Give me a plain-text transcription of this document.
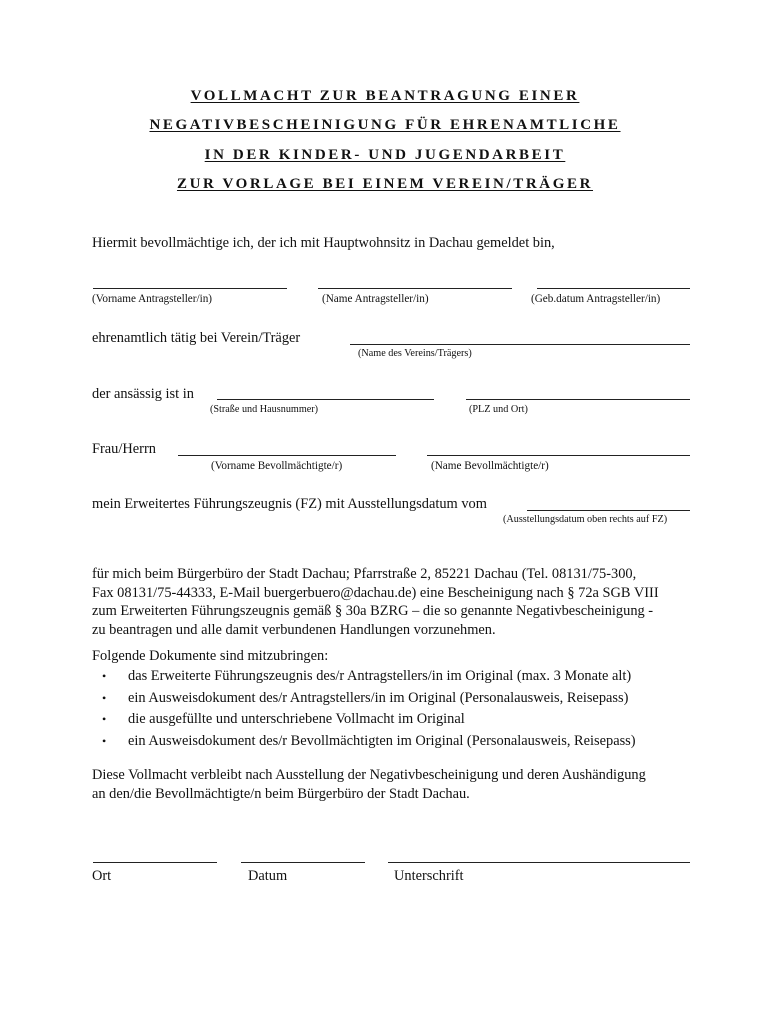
VOLLMACHT ZUR BEANTRAGUNG EINER
NEGATIVBESCHEINIGUNG FÜR EHRENAMTLICHE
IN DER KINDER- UND JUGENDARBEIT
ZUR VORLAGE BEI EINEM VEREIN/TRÄGER
Hiermit bevollmächtige ich, der ich mit Hauptwohnsitz in Dachau gemeldet bin,
(Vorname Antragsteller/in)	(Name Antragsteller/in)	(Geb.datum Antragsteller/in)
ehrenamtlich tätig bei Verein/Träger
(Name des Vereins/Trägers)
der ansässig ist in
(Straße und Hausnummer)	(PLZ und Ort)
Frau/Herrn
(Vorname Bevollmächtigte/r)	(Name Bevollmächtigte/r)
mein Erweitertes Führungszeugnis (FZ) mit Ausstellungsdatum vom
(Ausstellungsdatum oben rechts auf FZ)
für mich beim Bürgerbüro der Stadt Dachau; Pfarrstraße 2, 85221 Dachau (Tel. 08131/75-300,
Fax 08131/75-44333, E-Mail buergerbuero@dachau.de) eine Bescheinigung nach § 72a SGB VIII
zum Erweiterten Führungszeugnis gemäß § 30a BZRG – die so genannte Negativbescheinigung -
zu beantragen und alle damit verbundenen Handlungen vorzunehmen.
Folgende Dokumente sind mitzubringen:
• das Erweiterte Führungszeugnis des/r Antragstellers/in im Original (max. 3 Monate alt)
• ein Ausweisdokument des/r Antragstellers/in im Original (Personalausweis, Reisepass)
• die ausgefüllte und unterschriebene Vollmacht im Original
• ein Ausweisdokument des/r Bevollmächtigten im Original (Personalausweis, Reisepass)
Diese Vollmacht verbleibt nach Ausstellung der Negativbescheinigung und deren Aushändigung
an den/die Bevollmächtigte/n beim Bürgerbüro der Stadt Dachau.
Ort	Datum	Unterschrift
